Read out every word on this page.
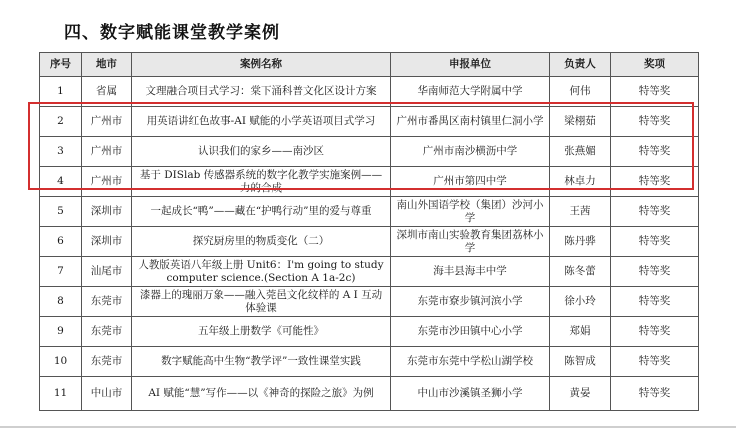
四、数字赋能课堂教学案例
序号	地市	案例名称	申报单位	负责人	奖项
1	省属	文理融合项目式学习：棠下涌科普文化区设计方案	华南师范大学附属中学	何伟	特等奖
2	广州市	用英语讲红色故事-AI 赋能的小学英语项目式学习	广州市番禺区南村镇里仁洞小学	梁栩茹	特等奖
3	广州市	认识我们的家乡——南沙区	广州市南沙横沥中学	张燕媚	特等奖
4	广州市	基于 DISlab 传感器系统的数字化教学实施案例——力的合成	广州市第四中学	林卓力	特等奖
5	深圳市	一起成长“鸭”——藏在“护鸭行动”里的爱与尊重	南山外国语学校（集团）沙河小学	王茜	特等奖
6	深圳市	探究厨房里的物质变化（二）	深圳市南山实验教育集团荔林小学	陈丹骅	特等奖
7	汕尾市	人教版英语八年级上册 Unit6：I'm going to study computer science.(Section A 1a-2c)	海丰县海丰中学	陈冬蕾	特等奖
8	东莞市	漆器上的瑰丽万象——融入莞邑文化纹样的 A I 互动体验课	东莞市寮步镇河滨小学	徐小玲	特等奖
9	东莞市	五年级上册数学《可能性》	东莞市沙田镇中心小学	郑娟	特等奖
10	东莞市	数字赋能高中生物“教学评”一致性课堂实践	东莞市东莞中学松山湖学校	陈智成	特等奖
11	中山市	AI 赋能“慧”写作——以《神奇的探险之旅》为例	中山市沙溪镇圣狮小学	黄晏	特等奖
